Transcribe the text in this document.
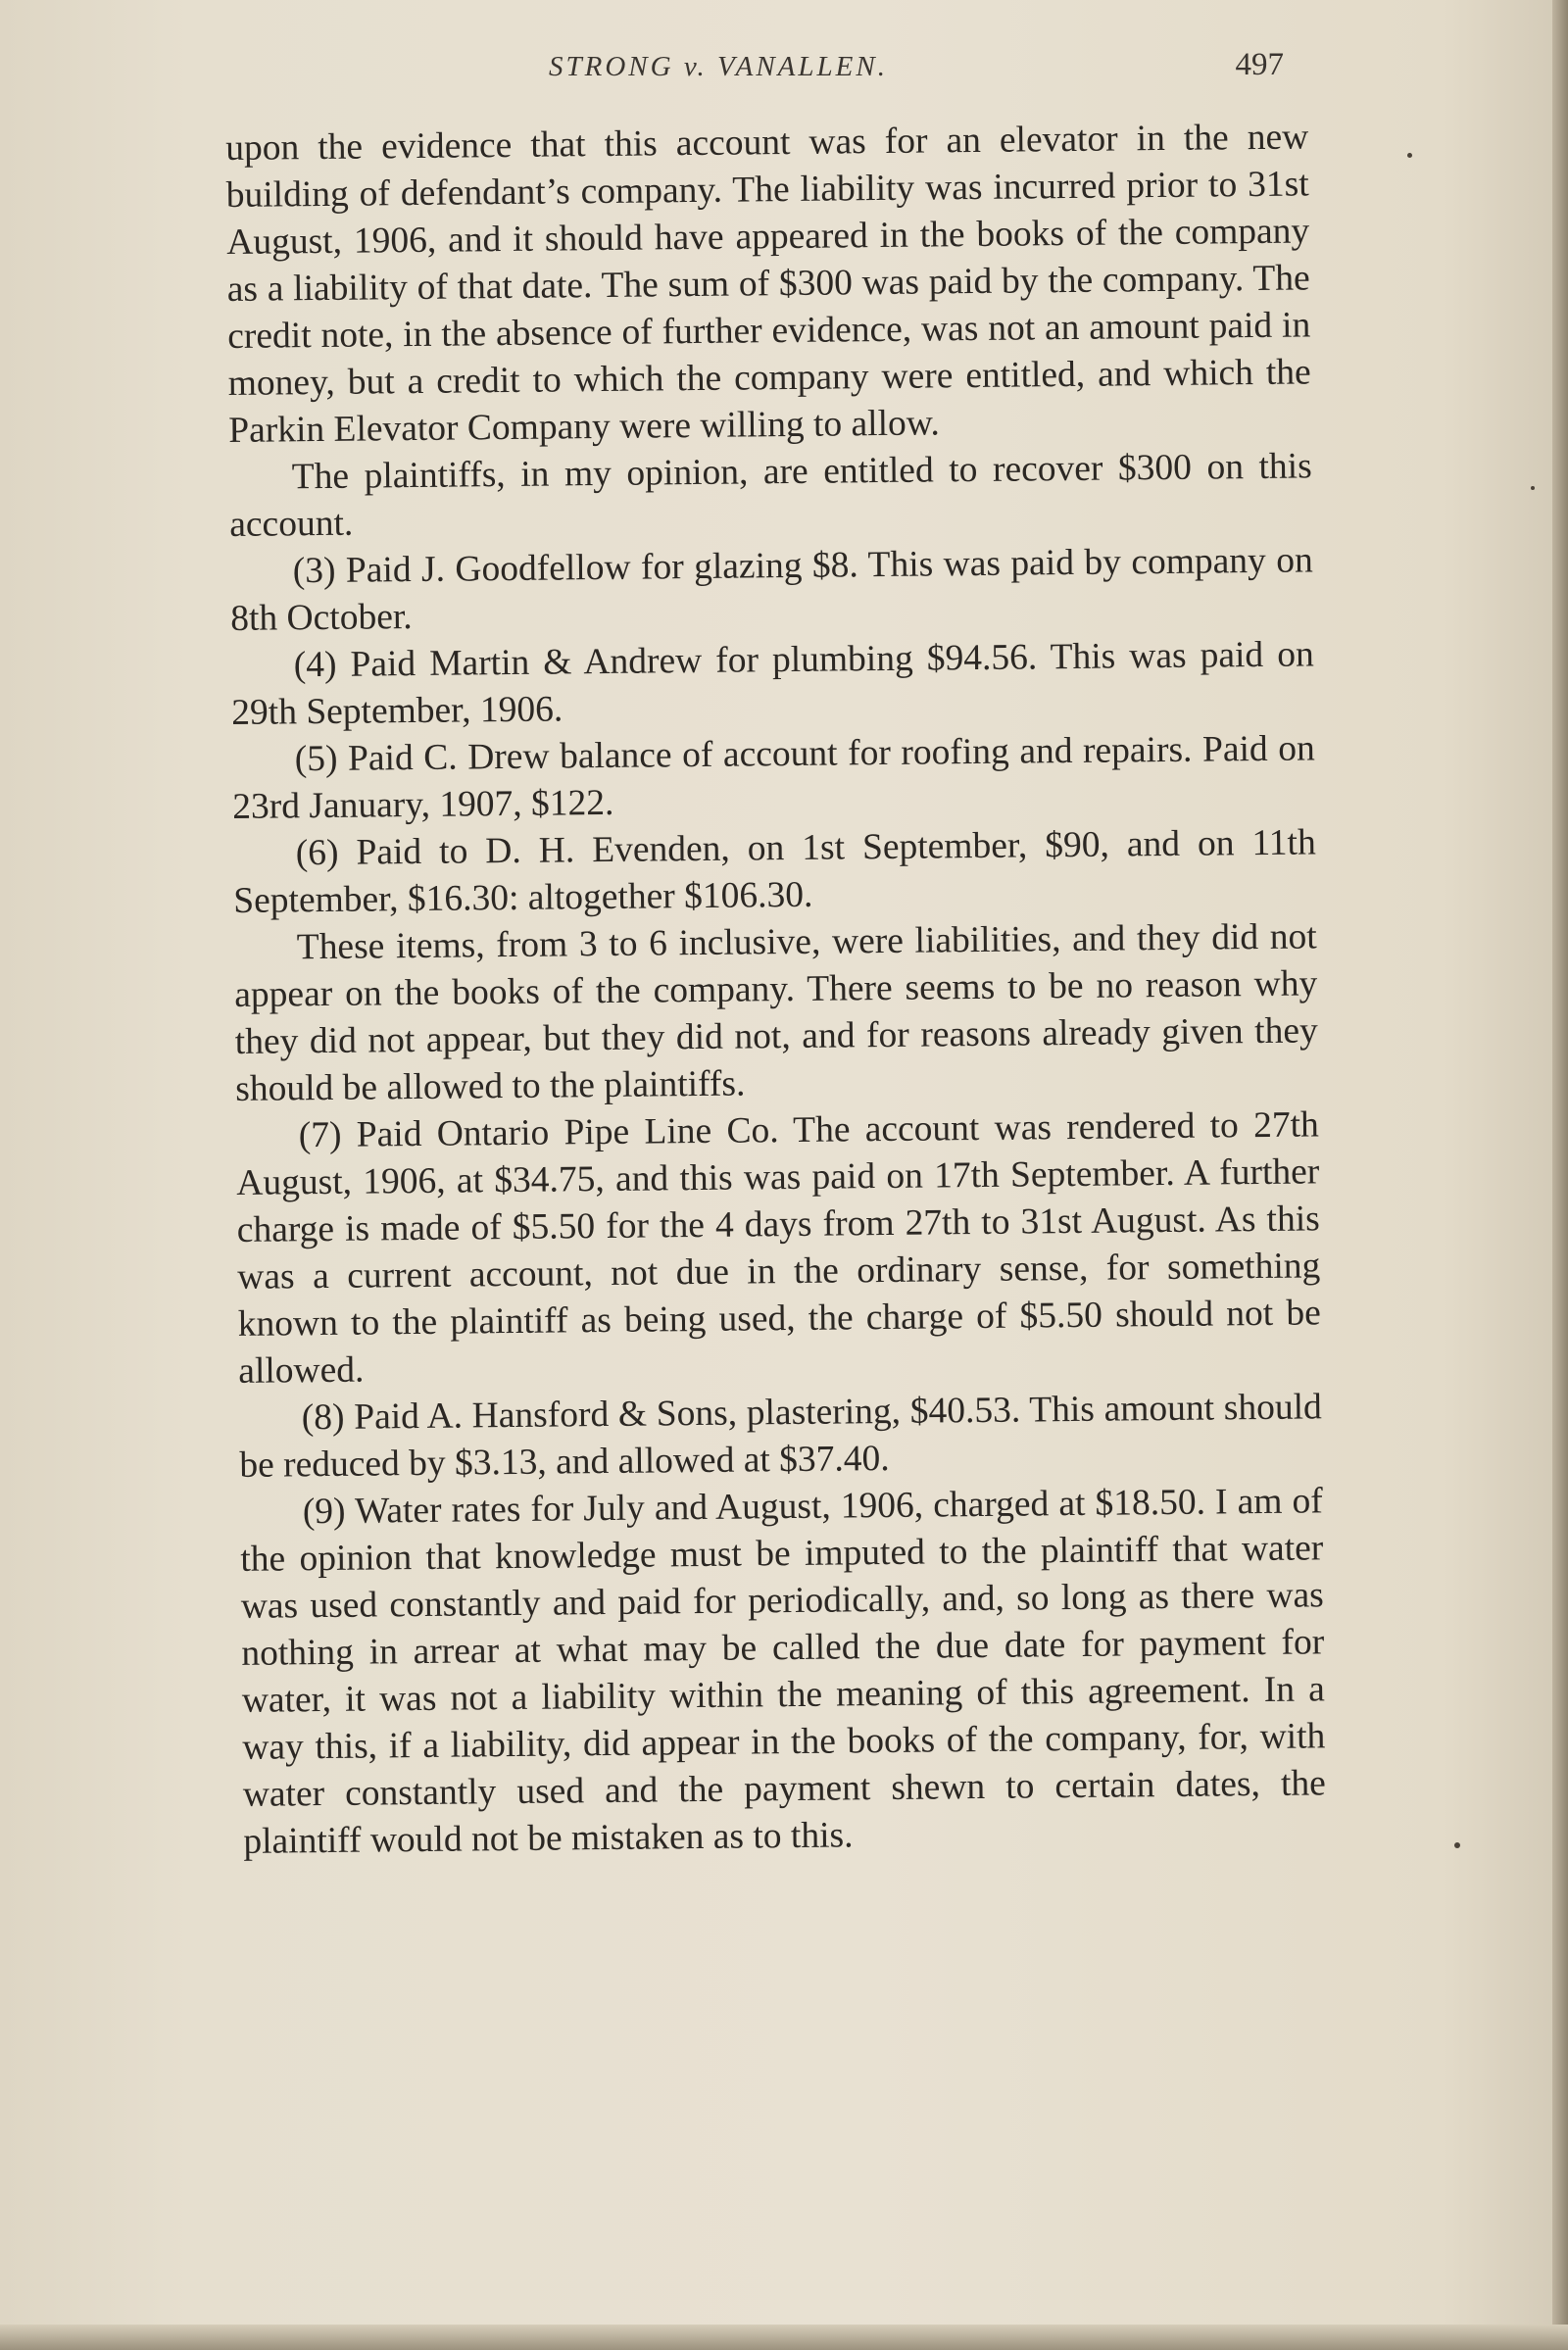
STRONG v. VANALLEN.	497

upon the evidence that this account was for an elevator in the new building of defendant’s company. The liability was incurred prior to 31st August, 1906, and it should have appeared in the books of the company as a liability of that date. The sum of $300 was paid by the company. The credit note, in the absence of further evidence, was not an amount paid in money, but a credit to which the company were entitled, and which the Parkin Elevator Company were willing to allow.

The plaintiffs, in my opinion, are entitled to recover $300 on this account.

(3) Paid J. Goodfellow for glazing $8. This was paid by company on 8th October.

(4) Paid Martin & Andrew for plumbing $94.56. This was paid on 29th September, 1906.

(5) Paid C. Drew balance of account for roofing and repairs. Paid on 23rd January, 1907, $122.

(6) Paid to D. H. Evenden, on 1st September, $90, and on 11th September, $16.30: altogether $106.30.

These items, from 3 to 6 inclusive, were liabilities, and they did not appear on the books of the company. There seems to be no reason why they did not appear, but they did not, and for reasons already given they should be allowed to the plaintiffs.

(7) Paid Ontario Pipe Line Co. The account was rendered to 27th August, 1906, at $34.75, and this was paid on 17th September. A further charge is made of $5.50 for the 4 days from 27th to 31st August. As this was a current account, not due in the ordinary sense, for something known to the plaintiff as being used, the charge of $5.50 should not be allowed.

(8) Paid A. Hansford & Sons, plastering, $40.53. This amount should be reduced by $3.13, and allowed at $37.40.

(9) Water rates for July and August, 1906, charged at $18.50. I am of the opinion that knowledge must be imputed to the plaintiff that water was used constantly and paid for periodically, and, so long as there was nothing in arrear at what may be called the due date for payment for water, it was not a liability within the meaning of this agreement. In a way this, if a liability, did appear in the books of the company, for, with water constantly used and the payment shewn to certain dates, the plaintiff would not be mistaken as to this.
